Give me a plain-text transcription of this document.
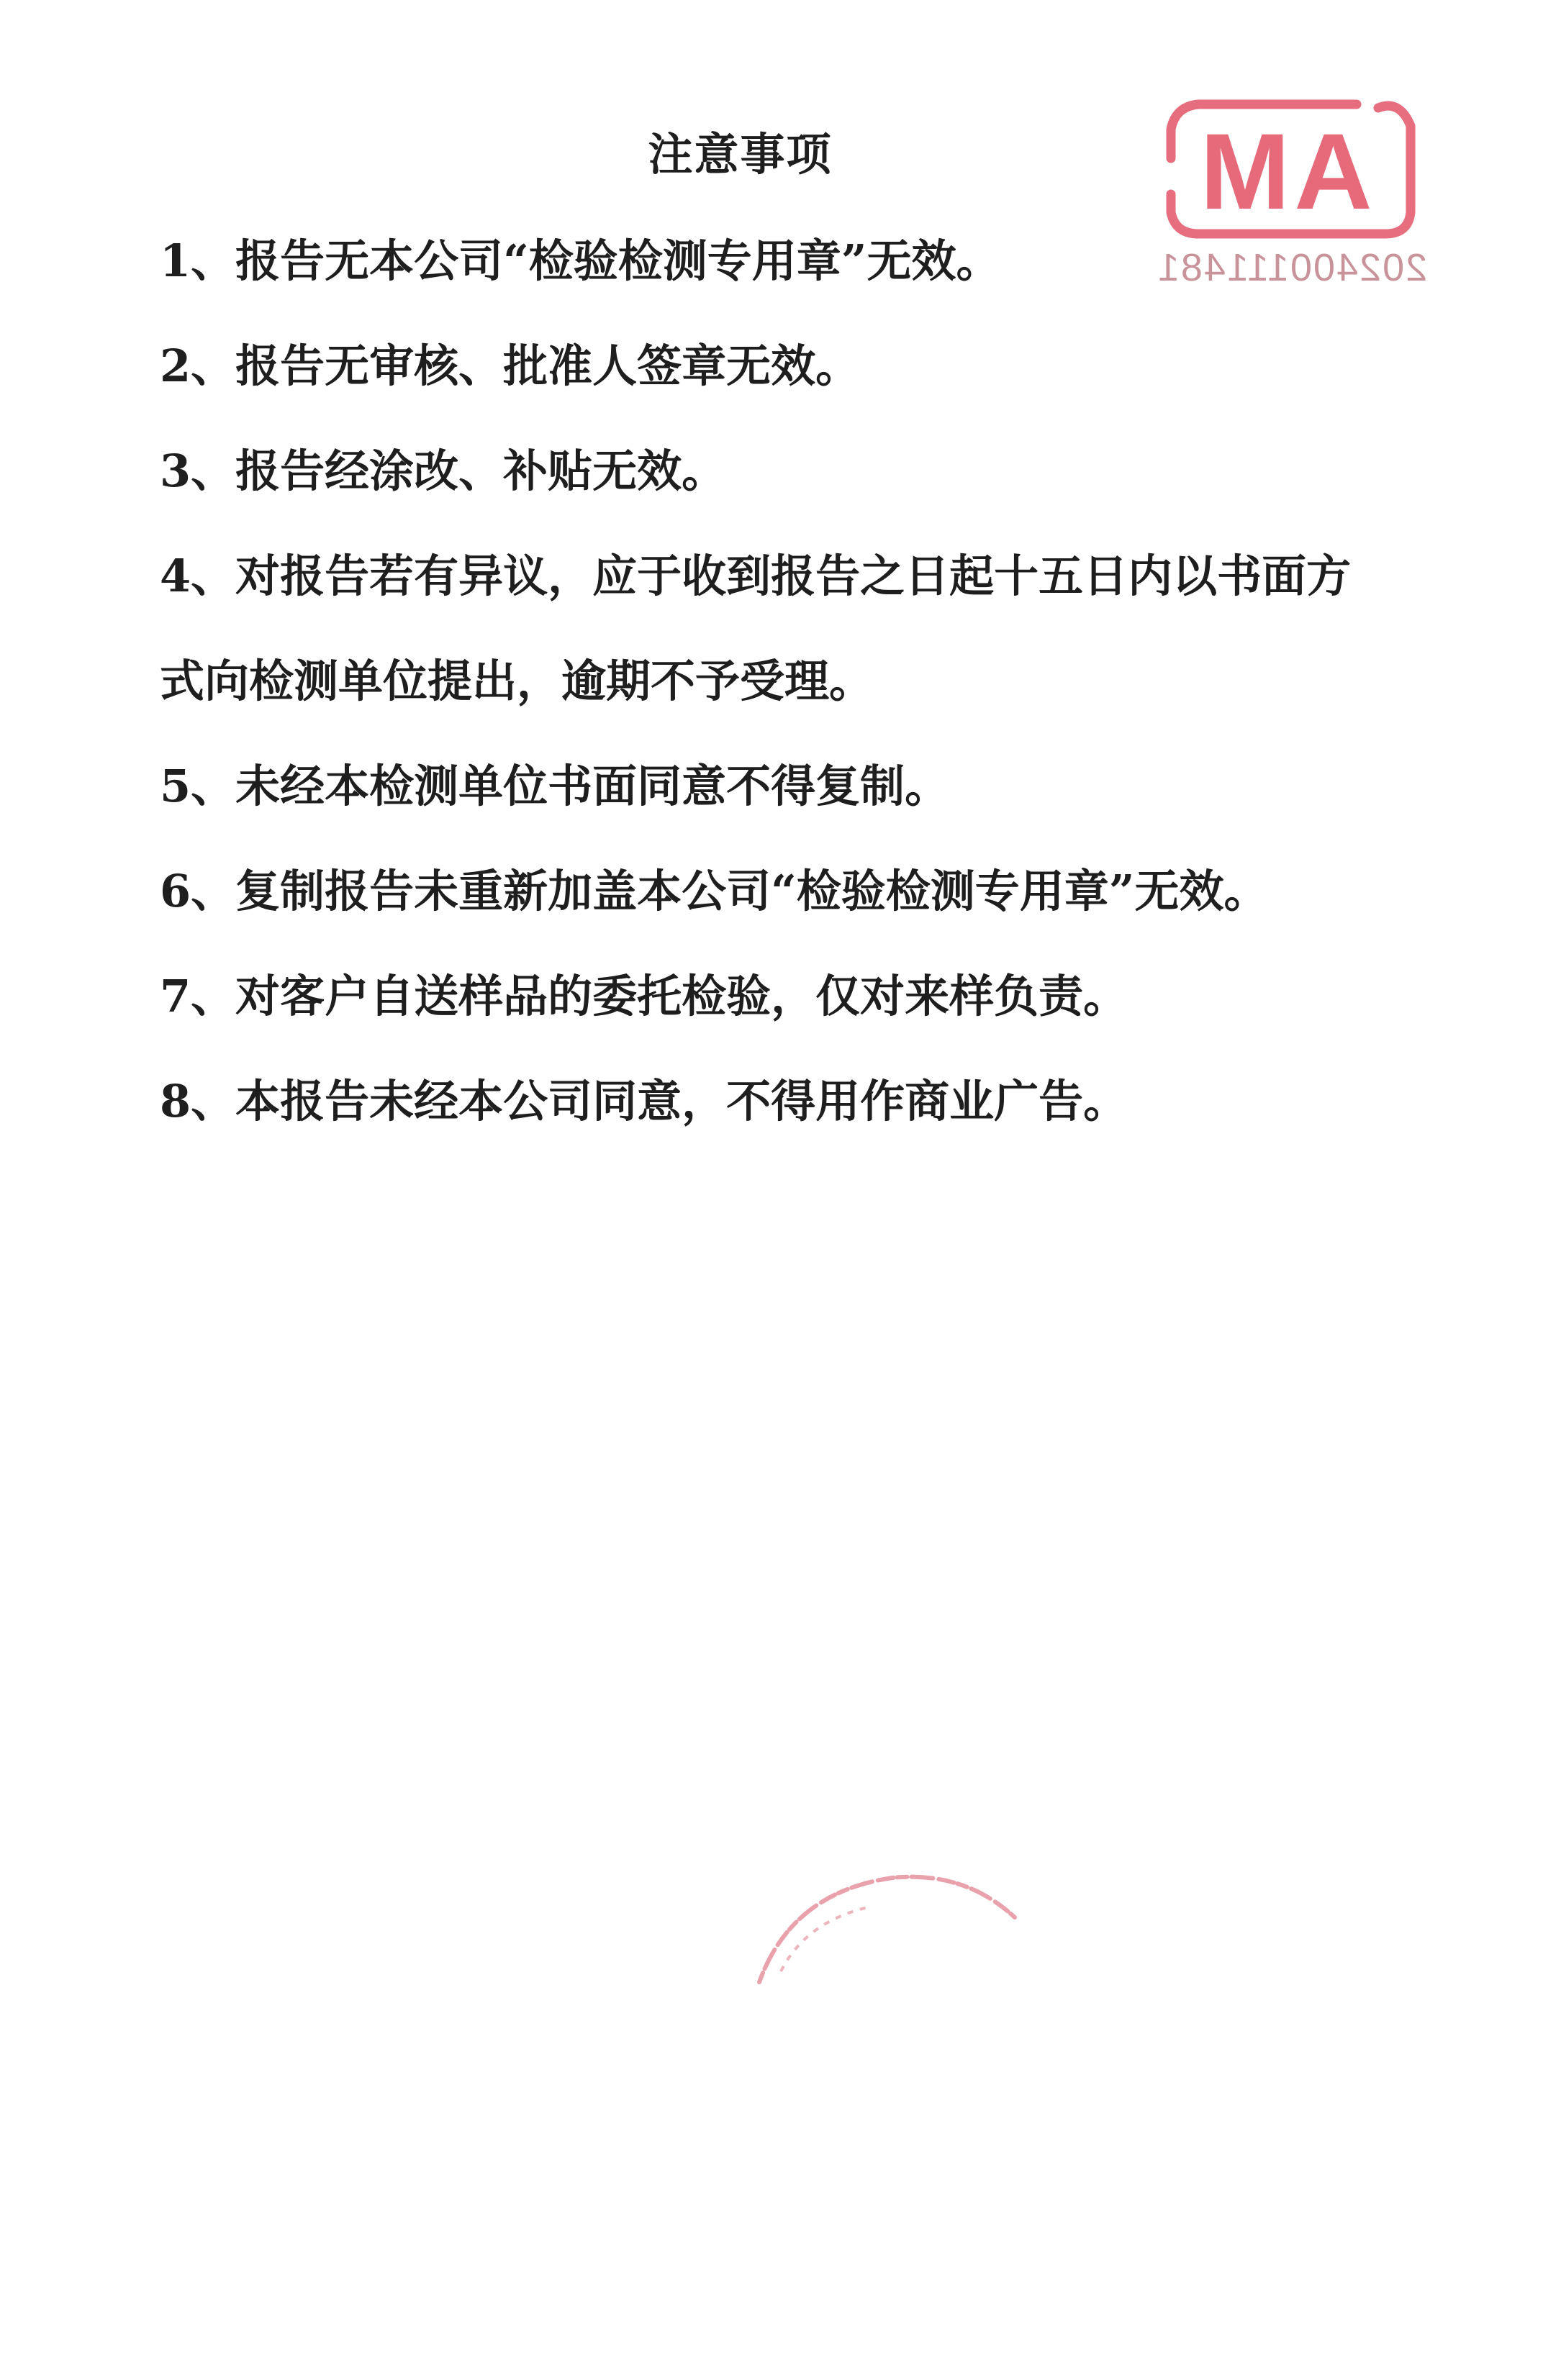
注意事项
1、报告无本公司“检验检测专用章”无效。
2、报告无审核、批准人签章无效。
3、报告经涂改、补贴无效。
4、对报告若有异议，应于收到报告之日起十五日内以书面方式向检测单位提出，逾期不予受理。
5、未经本检测单位书面同意不得复制。
6、复制报告未重新加盖本公司“检验检测专用章”无效。
7、对客户自送样品的委托检验，仅对来样负责。
8、本报告未经本公司同意，不得用作商业广告。
MA
202400111481
